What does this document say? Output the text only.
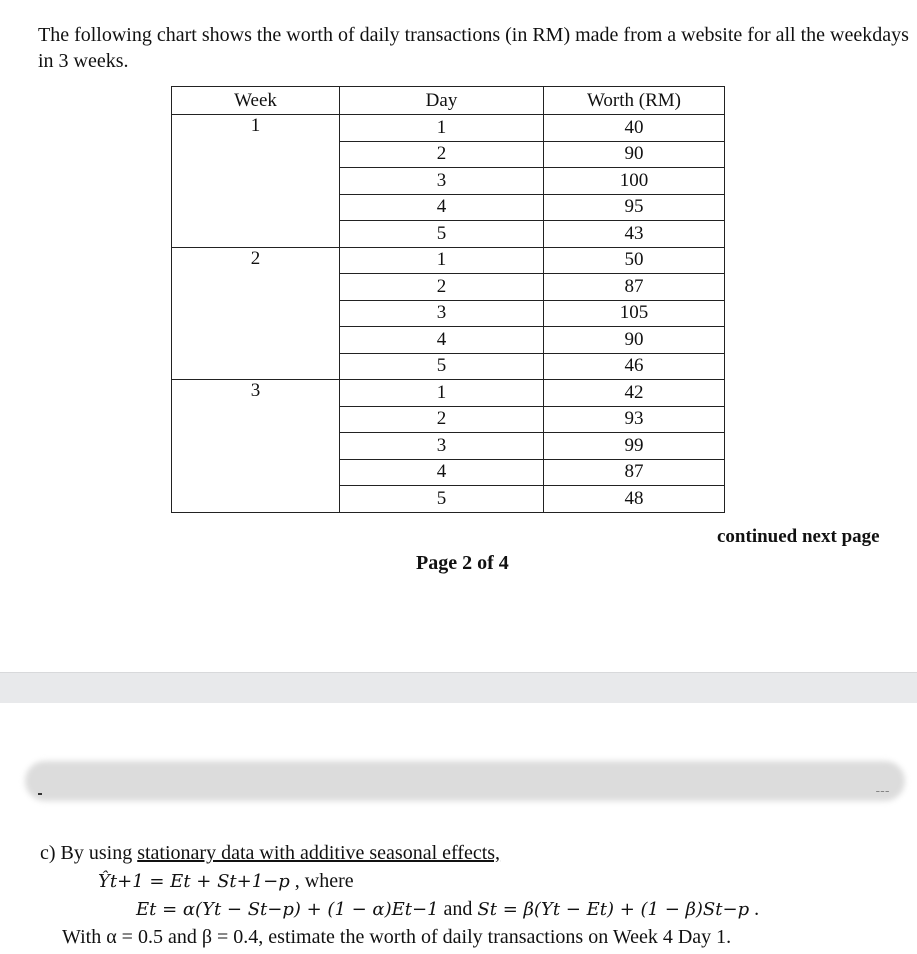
The following chart shows the worth of daily transactions (in RM) made from a website for all the weekdays in 3 weeks.

Week	Day	Worth (RM)
1	1	40
	2	90
	3	100
	4	95
	5	43
2	1	50
	2	87
	3	105
	4	90
	5	46
3	1	42
	2	93
	3	99
	4	87
	5	48
continued next page
Page 2 of 4
ˍˍˍ
c) By using stationary data with additive seasonal effects,
Ŷt+1 = Et + St+1−p , where
Et = α(Yt − St−p) + (1 − α)Et−1 and St = β(Yt − Et) + (1 − β)St−p .
With α = 0.5 and β = 0.4, estimate the worth of daily transactions on Week 4 Day 1.
